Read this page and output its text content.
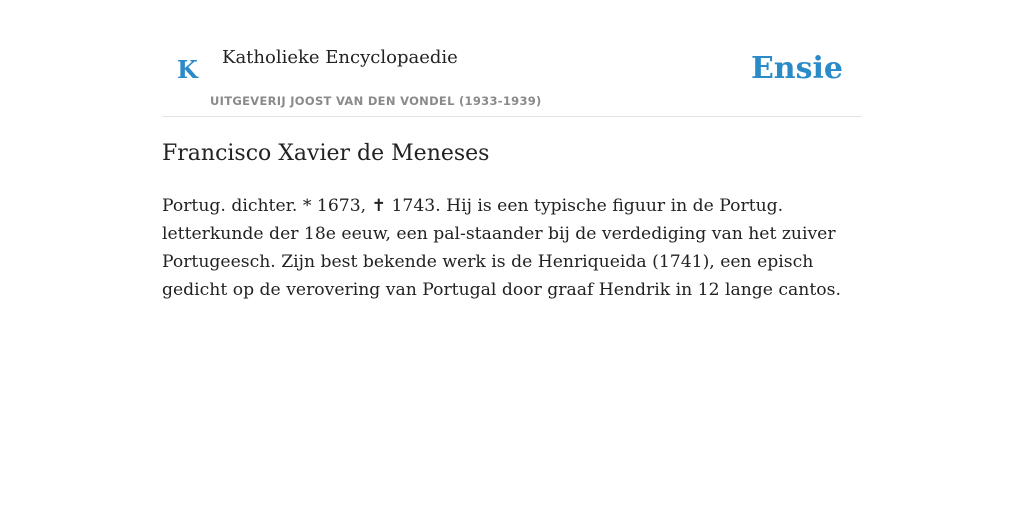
K Katholieke Encyclopaedie
UITGEVERIJ JOOST VAN DEN VONDEL (1933-1939)
Ensie
Francisco Xavier de Meneses

Portug. dichter. * 1673, ✝ 1743. Hij is een typische figuur in de Portug. letterkunde der 18e eeuw, een pal-staander bij de verdediging van het zuiver Portugeesch. Zijn best bekende werk is de Henriqueida (1741), een episch gedicht op de verovering van Portugal door graaf Hendrik in 12 lange cantos.
